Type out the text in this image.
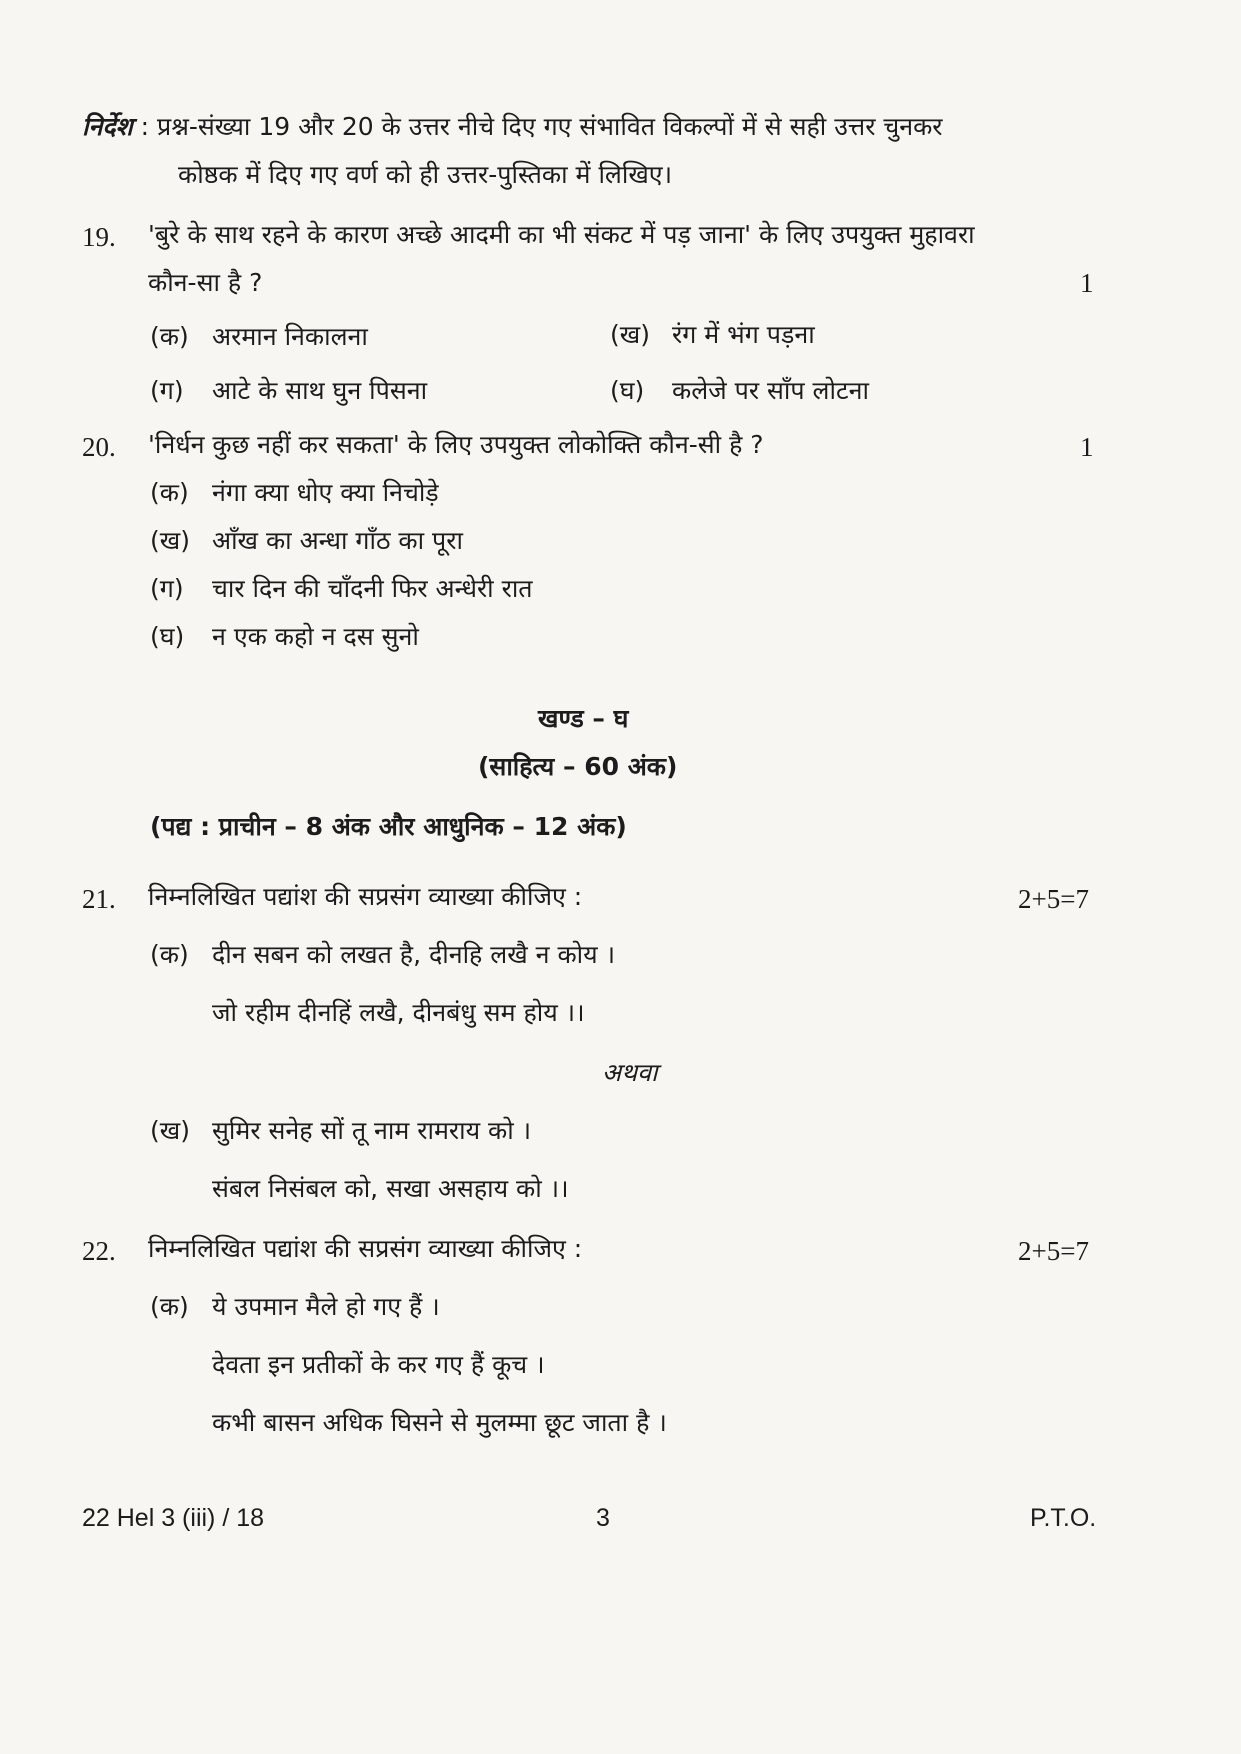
निर्देश : प्रश्न-संख्या 19 और 20 के उत्तर नीचे दिए गए संभावित विकल्पों में से सही उत्तर चुनकर
कोष्ठक में दिए गए वर्ण को ही उत्तर-पुस्तिका में लिखिए।
19. 'बुरे के साथ रहने के कारण अच्छे आदमी का भी संकट में पड़ जाना' के लिए उपयुक्त मुहावरा
कौन-सा है ?	1
(क) अरमान निकालना	(ख) रंग में भंग पड़ना
(ग) आटे के साथ घुन पिसना	(घ) कलेजे पर साँप लोटना
20. 'निर्धन कुछ नहीं कर सकता' के लिए उपयुक्त लोकोक्ति कौन-सी है ?	1
(क) नंगा क्या धोए क्या निचोड़े
(ख) आँख का अन्धा गाँठ का पूरा
(ग) चार दिन की चाँदनी फिर अन्धेरी रात
(घ) न एक कहो न दस सुनो
खण्ड – घ
(साहित्य – 60 अंक)
(पद्य : प्राचीन – 8 अंक और आधुनिक – 12 अंक)
21. निम्नलिखित पद्यांश की सप्रसंग व्याख्या कीजिए :	2+5=7
(क) दीन सबन को लखत है, दीनहि लखै न कोय ।
जो रहीम दीनहिं लखै, दीनबंधु सम होय ।।
अथवा
(ख) सुमिर सनेह सों तू नाम रामराय को ।
संबल निसंबल को, सखा असहाय को ।।
22. निम्नलिखित पद्यांश की सप्रसंग व्याख्या कीजिए :	2+5=7
(क) ये उपमान मैले हो गए हैं ।
देवता इन प्रतीकों के कर गए हैं कूच ।
कभी बासन अधिक घिसने से मुलम्मा छूट जाता है ।
22 Hel 3 (iii) / 18	3	P.T.O.
